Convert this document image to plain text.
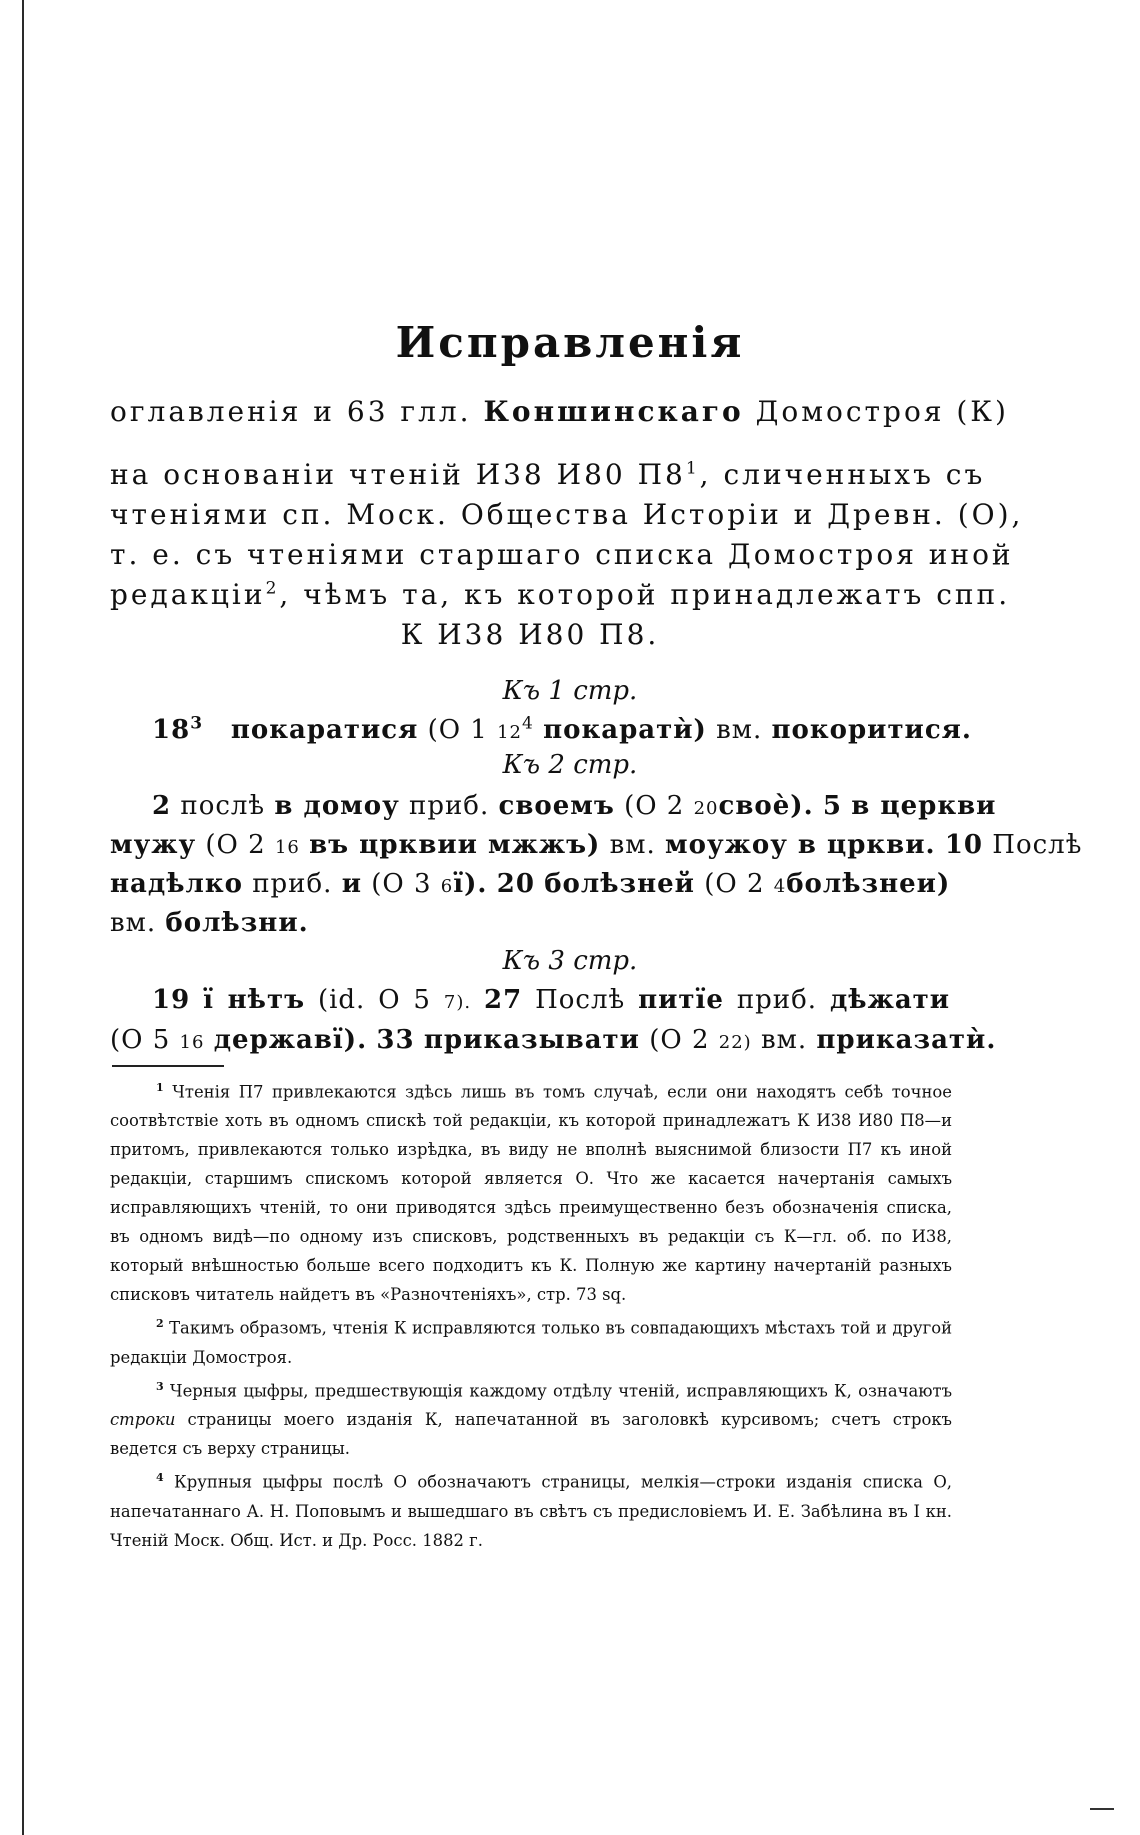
Исправленія
оглавленія и 63 глл. Коншинскаго Домостроя (К)
на основаніи чтеній И38 И80 $П8^1$, сличенныхъ съ
чтеніями сп. Моск. Общества Исторіи и Древн. (О),
т. е. съ чтеніями старшаго списка Домостроя иной
редакціи$^2$, чѣмъ та, къ которой принадлежатъ спп.
К И38 И80 П8.
Къ 1 стр.
$18^3$ покаратися (О 1 $12^4$ покаратѝ) вм. покоритися.
Къ 2 стр.
2 послѣ в домоу приб. своемъ (О 2 20своѐ). 5 в церкви
мужу (О 2 16 въ црквии мжжъ) вм. моужоу в цркви. 10 Послѣ
надѣлко приб. и (О 3 6ї). 20 болѣзней (О 2 4болѣзнеи)
вм. болѣзни.
Къ 3 стр.
19 ї нѣтъ (id. О 5 7). 27 Послѣ питїе приб. дѣжати
(О 5 16 державї). 33 приказывати (О 2 22) вм. приказатѝ.

$^1$ Чтенія П7 привлекаются здѣсь лишь въ томъ случаѣ, если они находятъ себѣ точное соотвѣтствіе хоть въ одномъ спискѣ той редакціи, къ которой принадлежатъ К И38 И80 П8—и притомъ, привлекаются только изрѣдка, въ виду не вполнѣ выяснимой близости П7 къ иной редакціи, старшимъ спискомъ которой является О. Что же касается начертанія самыхъ исправляющихъ чтеній, то они приводятся здѣсь преимущественно безъ обозначенія списка, въ одномъ видѣ—по одному изъ списковъ, родственныхъ въ редакціи съ К—гл. об. по И38, который внѣшностью больше всего подходитъ къ К. Полную же картину начертаній разныхъ списковъ читатель найдетъ въ «Разночтеніяхъ», стр. 73 sq.

$^2$ Такимъ образомъ, чтенія К исправляются только въ совпадающихъ мѣстахъ той и другой редакціи Домостроя.

$^3$ Черныя цыфры, предшествующія каждому отдѣлу чтеній, исправляющихъ К, означаютъ строки страницы моего изданія К, напечатанной въ заголовкѣ курсивомъ; счетъ строкъ ведется съ верху страницы.

$^4$ Крупныя цыфры послѣ О обозначаютъ страницы, мелкія—строки изданія списка О, напечатаннаго А. Н. Поповымъ и вышедшаго въ свѣтъ съ предисловіемъ И. Е. Забѣлина въ I кн. Чтеній Моск. Общ. Ист. и Др. Росс. 1882 г.
